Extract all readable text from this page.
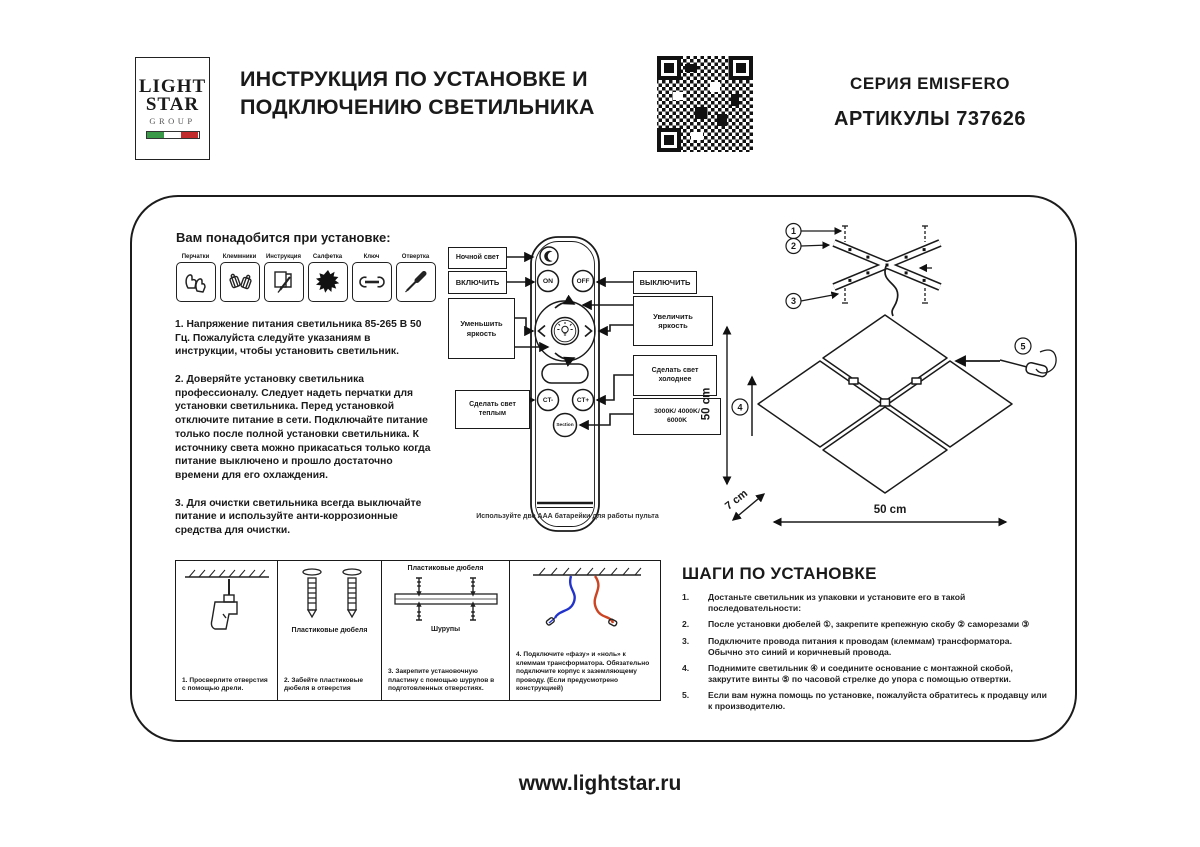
LIGHT
STAR
GROUP
ИНСТРУКЦИЯ ПО УСТАНОВКЕ И ПОДКЛЮЧЕНИЮ СВЕТИЛЬНИКА
СЕРИЯ EMISFERO
АРТИКУЛЫ 737626
1
2
3
4
5
Вам понадобится при установке:
Перчатки Клеммники Инструкция Салфетка	Ключ	Отвертка

1. Напряжение питания светильника 85-265 В 50 Гц. Пожалуйста следуйте указаниям в инструкции, чтобы установить светильник.

2. Доверяйте установку светильника профессионалу. Следует надеть перчатки для установки светильника. Перед установкой отключите питание в сети. Подключайте питание только после полной установки светильника. К источнику света можно прикасаться только когда питание выключено и прошло достаточно времени для его охлаждения.

3. Для очистки светильника всегда выключайте питание и используйте анти-коррозионные средства для очистки.

Ночной свет
ВКЛЮЧИТЬ
Уменьшить яркость
Сделать свет теплым
ВЫКЛЮЧИТЬ
Увеличить яркость
Сделать свет холоднее
3000K/ 4000K/ 6000K
ON	OFF
CT-	CT+
Section
Используйте две ААА батарейки для работы пульта
50 cm
7 cm	50 cm
1. Просверлите отверстия с помощью дрели.
Пластиковые дюбеля
2. Забейте пластиковые дюбеля в отверстия
Пластиковые дюбеля
Шурупы
3. Закрепите установочную пластину с помощью шурупов в подготовленных отверстиях.
4. Подключите «фазу» и «ноль» к клеммам трансформатора. Обязательно подключите корпус к заземляющему проводу. (Если предусмотрено конструкцией)
ШАГИ ПО УСТАНОВКЕ
1.	Достаньте светильник из упаковки и установите его в такой последовательности:
2.	После установки дюбелей ①, закрепите крепежную скобу ② саморезами ③
3.	Подключите провода питания к проводам (клеммам) трансформатора. Обычно это синий и коричневый провода.
4.	Поднимите светильник ④ и соедините основание с монтажной скобой, закрутите винты ⑤ по часовой стрелке до упора с помощью отвертки.
5.	Если вам нужна помощь по установке, пожалуйста обратитесь к продавцу или к производителю.
www.lightstar.ru
